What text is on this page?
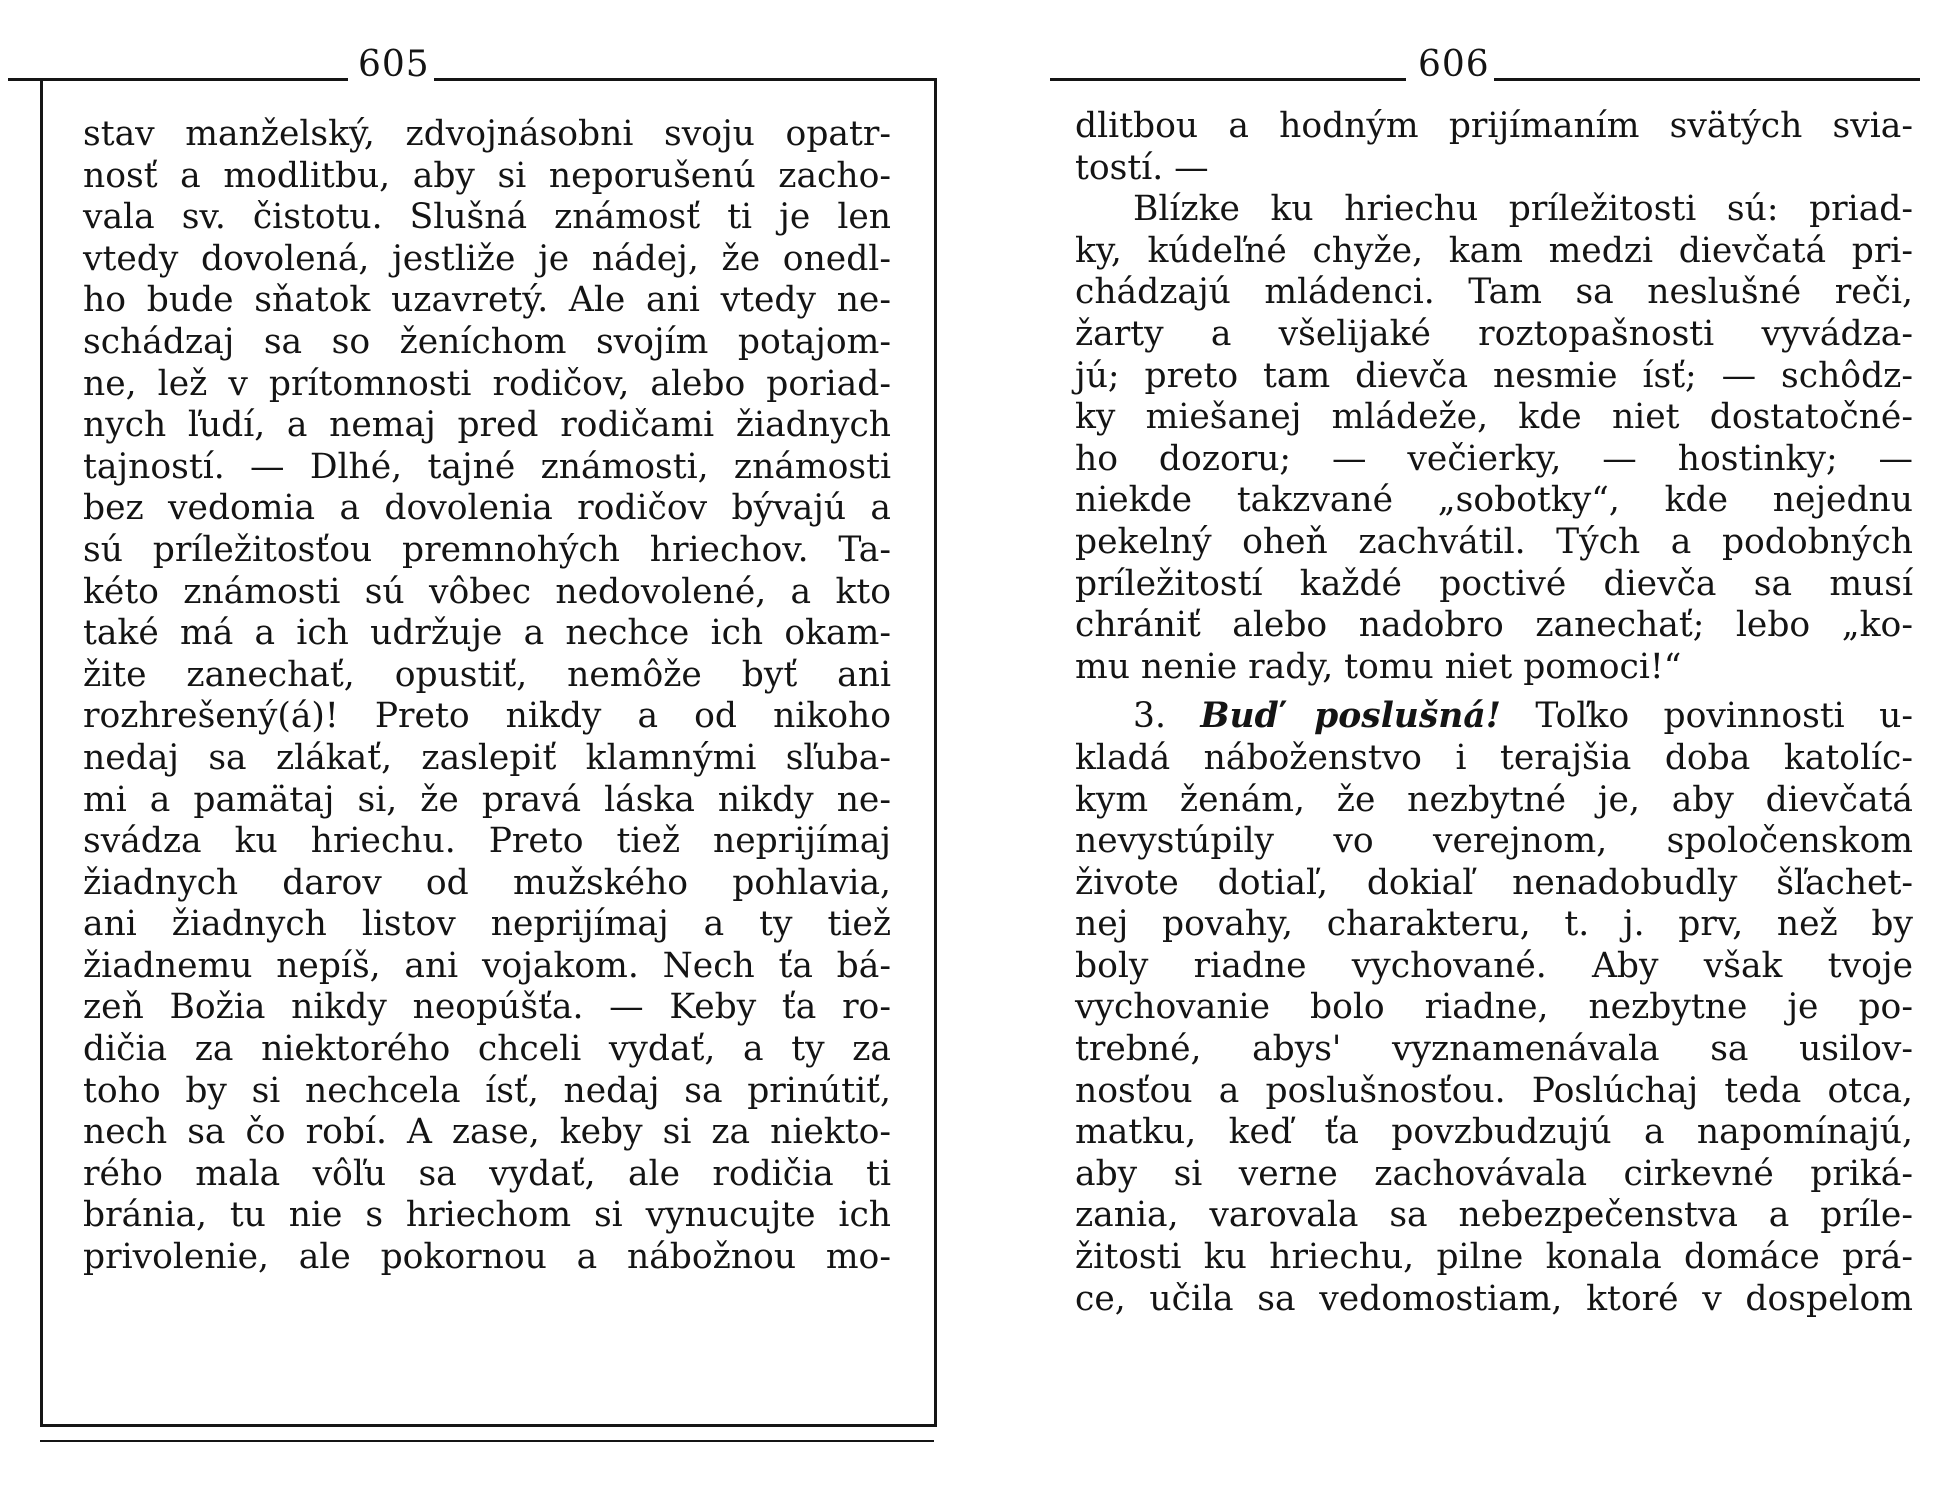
605
stav manželský, zdvojnásobni svoju opatr-
nosť a modlitbu, aby si neporušenú zacho-
vala sv. čistotu. Slušná známosť ti je len
vtedy dovolená, jestliže je nádej, že onedl-
ho bude sňatok uzavretý. Ale ani vtedy ne-
schádzaj sa so ženíchom svojím potajom-
ne, lež v prítomnosti rodičov, alebo poriad-
nych ľudí, a nemaj pred rodičami žiadnych
tajností. — Dlhé, tajné známosti, známosti
bez vedomia a dovolenia rodičov bývajú a
sú príležitosťou premnohých hriechov. Ta-
kéto známosti sú vôbec nedovolené, a kto
také má a ich udržuje a nechce ich okam-
žite zanechať, opustiť, nemôže byť ani
rozhrešený(á)! Preto nikdy a od nikoho
nedaj sa zlákať, zaslepiť klamnými sľuba-
mi a pamätaj si, že pravá láska nikdy ne-
svádza ku hriechu. Preto tiež neprijímaj
žiadnych darov od mužského pohlavia,
ani žiadnych listov neprijímaj a ty tiež
žiadnemu nepíš, ani vojakom. Nech ťa bá-
zeň Božia nikdy neopúšťa. — Keby ťa ro-
dičia za niektorého chceli vydať, a ty za
toho by si nechcela ísť, nedaj sa prinútiť,
nech sa čo robí. A zase, keby si za niekto-
rého mala vôľu sa vydať, ale rodičia ti
bránia, tu nie s hriechom si vynucujte ich
privolenie, ale pokornou a nábožnou mo-
606
dlitbou a hodným prijímaním svätých svia-
tostí. —
Blízke ku hriechu príležitosti sú: priad-
ky, kúdeľné chyže, kam medzi dievčatá pri-
chádzajú mládenci. Tam sa neslušné reči,
žarty a všelijaké roztopašnosti vyvádza-
jú; preto tam dievča nesmie ísť; — schôdz-
ky miešanej mládeže, kde niet dostatočné-
ho dozoru; — večierky, — hostinky; —
niekde takzvané „sobotky“, kde nejednu
pekelný oheň zachvátil. Tých a podobných
príležitostí každé poctivé dievča sa musí
chrániť alebo nadobro zanechať; lebo „ko-
mu nenie rady, tomu niet pomoci!“
3. Buď poslušná! Toľko povinnosti u-
kladá náboženstvo i terajšia doba katolíc-
kym ženám, že nezbytné je, aby dievčatá
nevystúpily vo verejnom, spoločenskom
živote dotiaľ, dokiaľ nenadobudly šľachet-
nej povahy, charakteru, t. j. prv, než by
boly riadne vychované. Aby však tvoje
vychovanie bolo riadne, nezbytne je po-
trebné, abys' vyznamenávala sa usilov-
nosťou a poslušnosťou. Poslúchaj teda otca,
matku, keď ťa povzbudzujú a napomínajú,
aby si verne zachovávala cirkevné priká-
zania, varovala sa nebezpečenstva a príle-
žitosti ku hriechu, pilne konala domáce prá-
ce, učila sa vedomostiam, ktoré v dospelom
